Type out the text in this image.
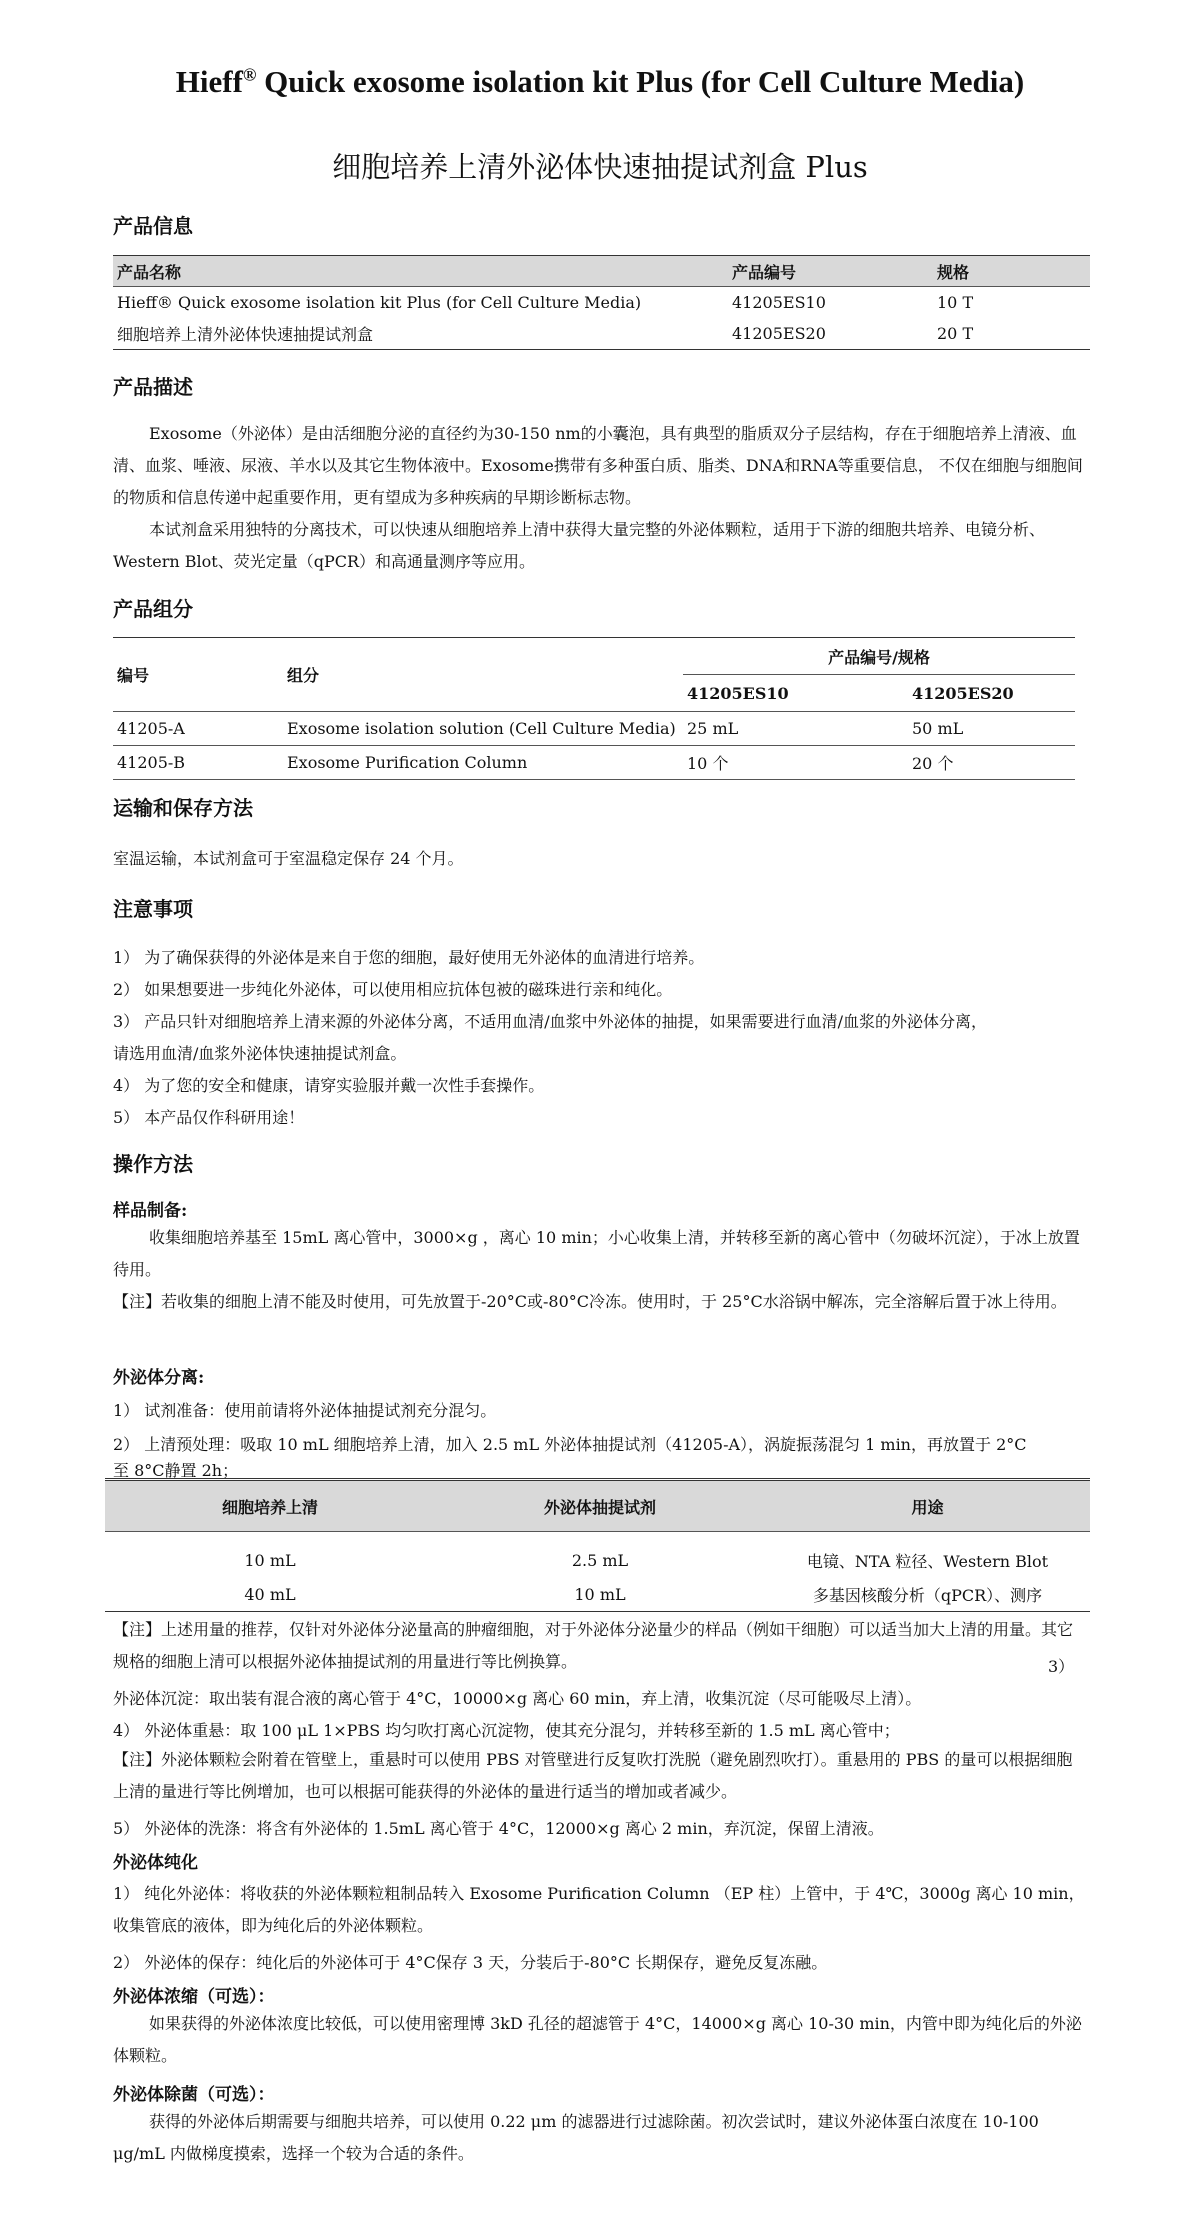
Hieff® Quick exosome isolation kit Plus (for Cell Culture Media)
细胞培养上清外泌体快速抽提试剂盒 Plus
产品信息
产品名称	产品编号	规格
Hieff® Quick exosome isolation kit Plus (for Cell Culture Media)	41205ES10	10 T
细胞培养上清外泌体快速抽提试剂盒	41205ES20	20 T
产品描述
Exosome（外泌体）是由活细胞分泌的直径约为30-150 nm的小囊泡，具有典型的脂质双分子层结构，存在于细胞培养上清液、血清、血浆、唾液、尿液、羊水以及其它生物体液中。Exosome携带有多种蛋白质、脂类、DNA和RNA等重要信息， 不仅在细胞与细胞间的物质和信息传递中起重要作用，更有望成为多种疾病的早期诊断标志物。
本试剂盒采用独特的分离技术，可以快速从细胞培养上清中获得大量完整的外泌体颗粒，适用于下游的细胞共培养、电镜分析、Western Blot、荧光定量（qPCR）和高通量测序等应用。
产品组分
编号	组分	产品编号/规格	
		41205ES10	41205ES20
41205-A	Exosome isolation solution (Cell Culture Media)	25 mL	50 mL
41205-B	Exosome Purification Column	10 个	20 个
运输和保存方法
室温运输，本试剂盒可于室温稳定保存 24 个月。
注意事项
1） 为了确保获得的外泌体是来自于您的细胞，最好使用无外泌体的血清进行培养。
2） 如果想要进一步纯化外泌体，可以使用相应抗体包被的磁珠进行亲和纯化。
3） 产品只针对细胞培养上清来源的外泌体分离，不适用血清/血浆中外泌体的抽提，如果需要进行血清/血浆的外泌体分离，
请选用血清/血浆外泌体快速抽提试剂盒。
4） 为了您的安全和健康，请穿实验服并戴一次性手套操作。
5） 本产品仅作科研用途！
操作方法
样品制备:
收集细胞培养基至 15mL 离心管中，3000×g ，离心 10 min；小心收集上清，并转移至新的离心管中（勿破坏沉淀），于冰上放置待用。
【注】若收集的细胞上清不能及时使用，可先放置于-20°C或-80°C冷冻。使用时，于 25°C水浴锅中解冻，完全溶解后置于冰上待用。
外泌体分离:
1） 试剂准备：使用前请将外泌体抽提试剂充分混匀。
2） 上清预处理：吸取 10 mL 细胞培养上清，加入 2.5 mL 外泌体抽提试剂（41205-A），涡旋振荡混匀 1 min，再放置于 2°C
至 8°C静置 2h；
细胞培养上清	外泌体抽提试剂	用途
10 mL	2.5 mL	电镜、NTA 粒径、Western Blot
40 mL	10 mL	多基因核酸分析（qPCR）、测序
【注】上述用量的推荐，仅针对外泌体分泌量高的肿瘤细胞，对于外泌体分泌量少的样品（例如干细胞）可以适当加大上清的用量。其它规格的细胞上清可以根据外泌体抽提试剂的用量进行等比例换算。	3）
外泌体沉淀：取出装有混合液的离心管于 4°C，10000×g 离心 60 min，弃上清，收集沉淀（尽可能吸尽上清）。
4） 外泌体重悬：取 100 μL 1×PBS 均匀吹打离心沉淀物，使其充分混匀，并转移至新的 1.5 mL 离心管中；
【注】外泌体颗粒会附着在管壁上，重悬时可以使用 PBS 对管壁进行反复吹打洗脱（避免剧烈吹打）。重悬用的 PBS 的量可以根据细胞上清的量进行等比例增加，也可以根据可能获得的外泌体的量进行适当的增加或者减少。
5） 外泌体的洗涤：将含有外泌体的 1.5mL 离心管于 4°C，12000×g 离心 2 min，弃沉淀，保留上清液。
外泌体纯化
1） 纯化外泌体：将收获的外泌体颗粒粗制品转入 Exosome Purification Column （EP 柱）上管中，于 4℃，3000g 离心 10 min，收集管底的液体，即为纯化后的外泌体颗粒。
2） 外泌体的保存：纯化后的外泌体可于 4°C保存 3 天，分装后于-80°C 长期保存，避免反复冻融。
外泌体浓缩（可选）：
如果获得的外泌体浓度比较低，可以使用密理博 3kD 孔径的超滤管于 4°C，14000×g 离心 10-30 min，内管中即为纯化后的外泌体颗粒。
外泌体除菌（可选）：
获得的外泌体后期需要与细胞共培养，可以使用 0.22 μm 的滤器进行过滤除菌。初次尝试时，建议外泌体蛋白浓度在 10-100 μg/mL 内做梯度摸索，选择一个较为合适的条件。
